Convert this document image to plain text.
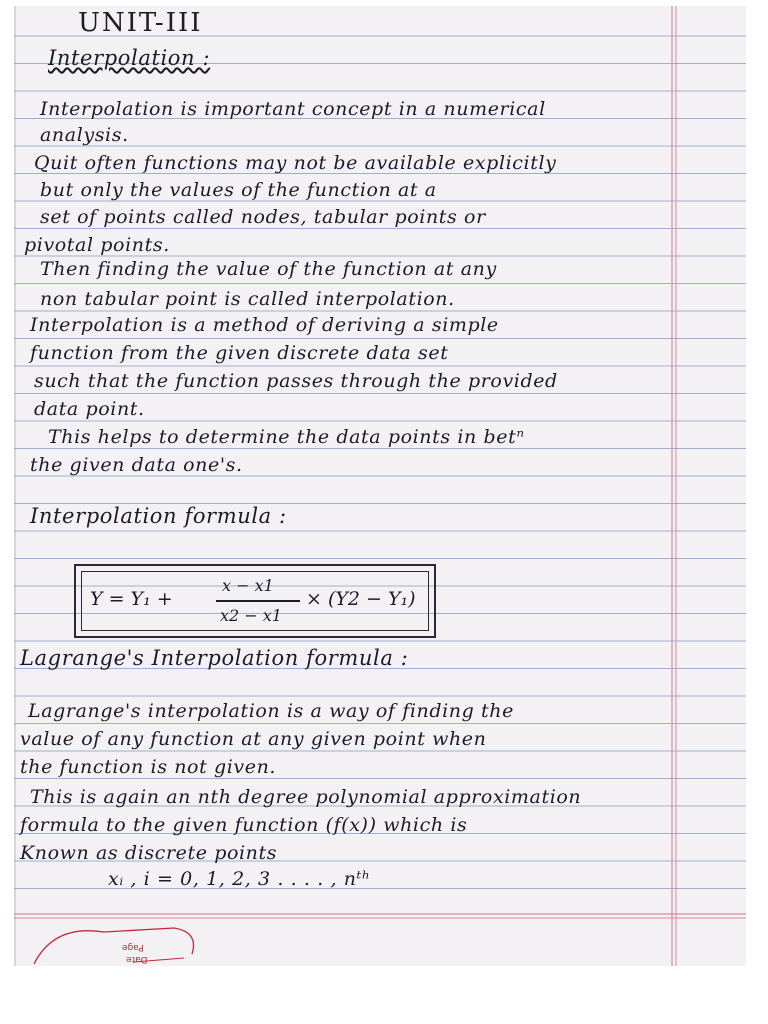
UNIT-III
Interpolation :
Interpolation is important concept in a numerical
analysis.
Quit often functions may not be available explicitly
but only the values of the function at a
set of points called nodes, tabular points or
pivotal points.
Then finding the value of the function at any
non tabular point is called interpolation.
Interpolation is a method of deriving a simple
function from the given discrete data set
such that the function passes through the provided
data point.
This helps to determine the data points in betⁿ
the given data one's.
Interpolation formula :
Y = Y₁ +
x − x1
x2 − x1
× (Y2 − Y₁)
Lagrange's Interpolation formula :
Lagrange's interpolation is a way of finding the
value of any function at any given point when
the function is not given.
This is again an nth degree polynomial approximation
formula to the given function (f(x)) which is
Known as discrete points
xᵢ , i = 0, 1, 2, 3 . . . . , nᵗʰ
Date
Page
